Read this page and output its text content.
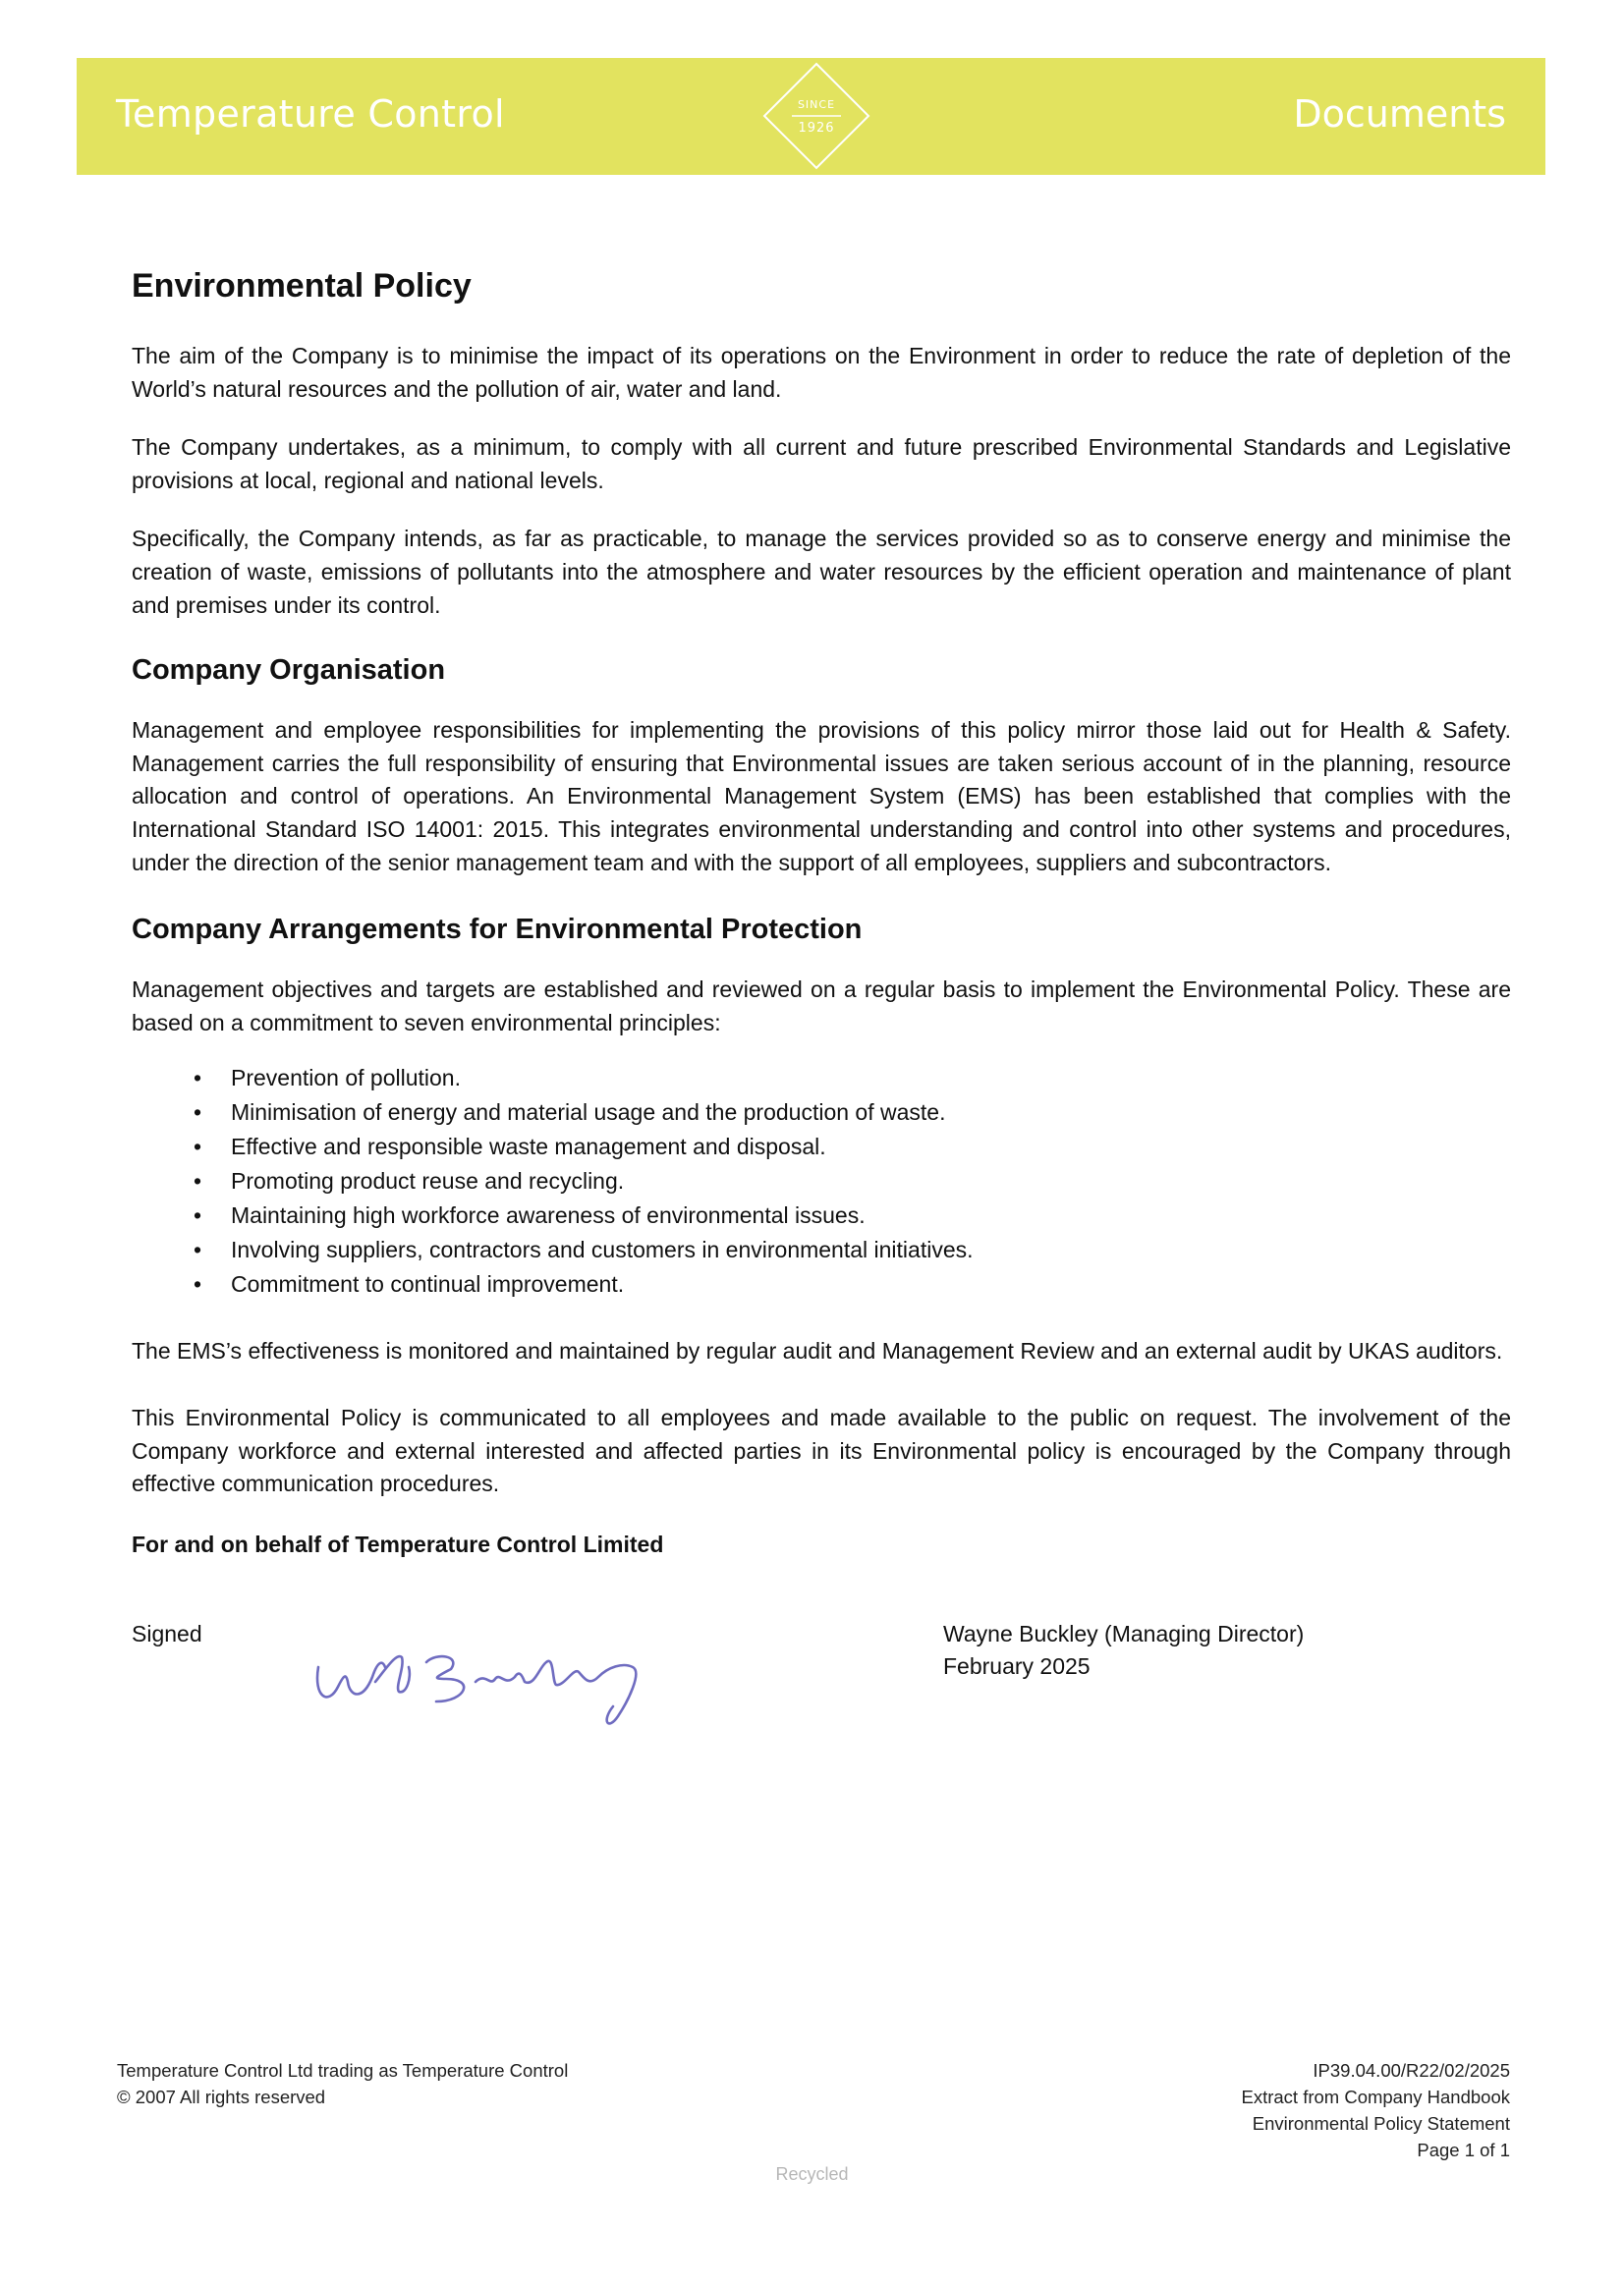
Temperature Control	SINCE
1926	Documents
Environmental Policy

The aim of the Company is to minimise the impact of its operations on the Environment in order to reduce the rate of depletion of the World’s natural resources and the pollution of air, water and land.

The Company undertakes, as a minimum, to comply with all current and future prescribed Environmental Standards and Legislative provisions at local, regional and national levels.

Specifically, the Company intends, as far as practicable, to manage the services provided so as to conserve energy and minimise the creation of waste, emissions of pollutants into the atmosphere and water resources by the efficient operation and maintenance of plant and premises under its control.

Company Organisation

Management and employee responsibilities for implementing the provisions of this policy mirror those laid out for Health & Safety. Management carries the full responsibility of ensuring that Environmental issues are taken serious account of in the planning, resource allocation and control of operations. An Environmental Management System (EMS) has been established that complies with the International Standard ISO 14001: 2015. This integrates environmental understanding and control into other systems and procedures, under the direction of the senior management team and with the support of all employees, suppliers and subcontractors.

Company Arrangements for Environmental Protection

Management objectives and targets are established and reviewed on a regular basis to implement the Environmental Policy. These are based on a commitment to seven environmental principles:

• Prevention of pollution.
• Minimisation of energy and material usage and the production of waste.
• Effective and responsible waste management and disposal.
• Promoting product reuse and recycling.
• Maintaining high workforce awareness of environmental issues.
• Involving suppliers, contractors and customers in environmental initiatives.
• Commitment to continual improvement.

The EMS’s effectiveness is monitored and maintained by regular audit and Management Review and an external audit by UKAS auditors.

This Environmental Policy is communicated to all employees and made available to the public on request. The involvement of the Company workforce and external interested and affected parties in its Environmental policy is encouraged by the Company through effective communication procedures.

For and on behalf of Temperature Control Limited
Signed	Wayne Buckley (Managing Director)
February 2025
Temperature Control Ltd trading as Temperature Control
© 2007 All rights reserved
IP39.04.00/R22/02/2025
Extract from Company Handbook
Environmental Policy Statement
Page 1 of 1
Recycled
